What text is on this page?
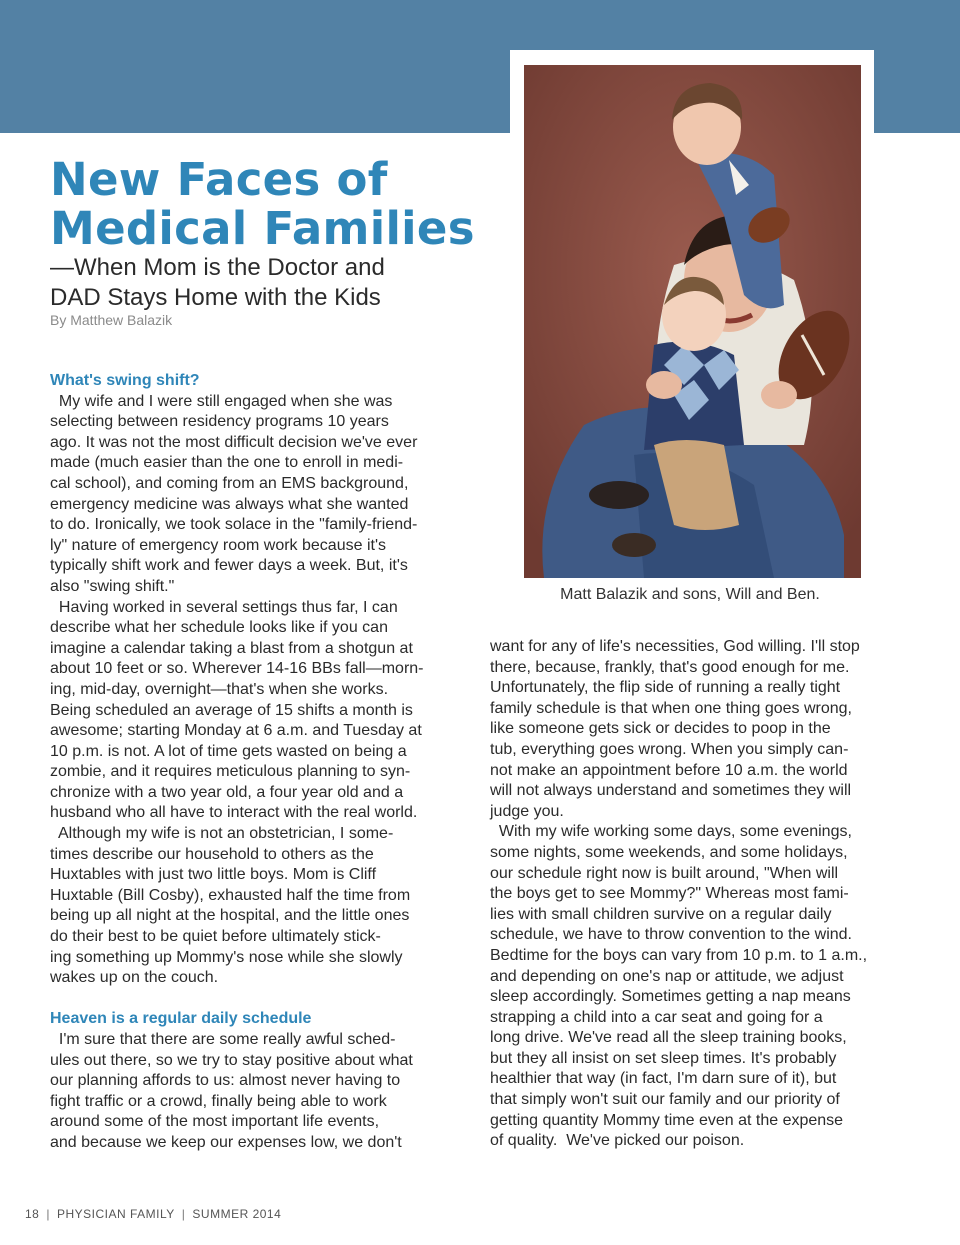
Matt Balazik and sons, Will and Ben.
New Faces of
Medical Families
—When Mom is the Doctor and
DAD Stays Home with the Kids
By Matthew Balazik
What's swing shift?
My wife and I were still engaged when she was
selecting between residency programs 10 years
ago. It was not the most difficult decision we've ever
made (much easier than the one to enroll in medi-
cal school), and coming from an EMS background,
emergency medicine was always what she wanted
to do. Ironically, we took solace in the "family-friend-
ly" nature of emergency room work because it's
typically shift work and fewer days a week. But, it's
also "swing shift."
Having worked in several settings thus far, I can
describe what her schedule looks like if you can
imagine a calendar taking a blast from a shotgun at
about 10 feet or so. Wherever 14-16 BBs fall—morn-
ing, mid-day, overnight—that's when she works.
Being scheduled an average of 15 shifts a month is
awesome; starting Monday at 6 a.m. and Tuesday at
10 p.m. is not. A lot of time gets wasted on being a
zombie, and it requires meticulous planning to syn-
chronize with a two year old, a four year old and a
husband who all have to interact with the real world.
Although my wife is not an obstetrician, I some-
times describe our household to others as the
Huxtables with just two little boys. Mom is Cliff
Huxtable (Bill Cosby), exhausted half the time from
being up all night at the hospital, and the little ones
do their best to be quiet before ultimately stick-
ing something up Mommy's nose while she slowly
wakes up on the couch.
Heaven is a regular daily schedule
I'm sure that there are some really awful sched-
ules out there, so we try to stay positive about what
our planning affords to us: almost never having to
fight traffic or a crowd, finally being able to work
around some of the most important life events,
and because we keep our expenses low, we don't
want for any of life's necessities, God willing. I'll stop
there, because, frankly, that's good enough for me.
Unfortunately, the flip side of running a really tight
family schedule is that when one thing goes wrong,
like someone gets sick or decides to poop in the
tub, everything goes wrong. When you simply can-
not make an appointment before 10 a.m. the world
will not always understand and sometimes they will
judge you.
With my wife working some days, some evenings,
some nights, some weekends, and some holidays,
our schedule right now is built around, "When will
the boys get to see Mommy?" Whereas most fami-
lies with small children survive on a regular daily
schedule, we have to throw convention to the wind.
Bedtime for the boys can vary from 10 p.m. to 1 a.m.,
and depending on one's nap or attitude, we adjust
sleep accordingly. Sometimes getting a nap means
strapping a child into a car seat and going for a
long drive. We've read all the sleep training books,
but they all insist on set sleep times. It's probably
healthier that way (in fact, I'm darn sure of it), but
that simply won't suit our family and our priority of
getting quantity Mommy time even at the expense
of quality.  We've picked our poison.
18 | PHYSICIAN FAMILY | SUMMER 2014
